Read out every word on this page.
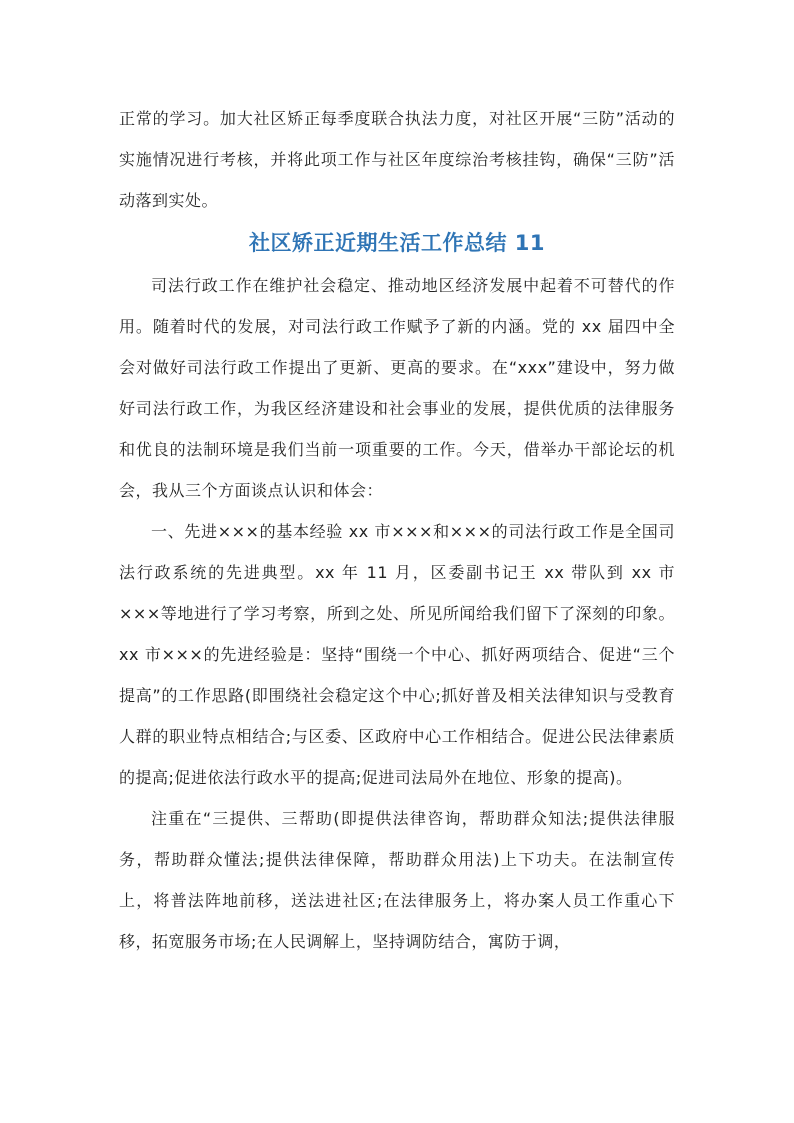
正常的学习。加大社区矫正每季度联合执法力度，对社区开展“三防”活动的实施情况进行考核，并将此项工作与社区年度综治考核挂钩，确保“三防”活动落到实处。

社区矫正近期生活工作总结 11

司法行政工作在维护社会稳定、推动地区经济发展中起着不可替代的作用。随着时代的发展，对司法行政工作赋予了新的内涵。党的 xx 届四中全会对做好司法行政工作提出了更新、更高的要求。在“xxx”建设中，努力做好司法行政工作，为我区经济建设和社会事业的发展，提供优质的法律服务和优良的法制环境是我们当前一项重要的工作。今天，借举办干部论坛的机会，我从三个方面谈点认识和体会：

一、先进×××的基本经验 xx 市×××和×××的司法行政工作是全国司法行政系统的先进典型。xx 年 11 月，区委副书记王 xx 带队到 xx 市×××等地进行了学习考察，所到之处、所见所闻给我们留下了深刻的印象。xx 市×××的先进经验是：坚持“围绕一个中心、抓好两项结合、促进“三个提高”的工作思路(即围绕社会稳定这个中心;抓好普及相关法律知识与受教育人群的职业特点相结合;与区委、区政府中心工作相结合。促进公民法律素质的提高;促进依法行政水平的提高;促进司法局外在地位、形象的提高)。

注重在“三提供、三帮助(即提供法律咨询，帮助群众知法;提供法律服务，帮助群众懂法;提供法律保障，帮助群众用法)上下功夫。在法制宣传上，将普法阵地前移，送法进社区;在法律服务上，将办案人员工作重心下移，拓宽服务市场;在人民调解上，坚持调防结合，寓防于调，
